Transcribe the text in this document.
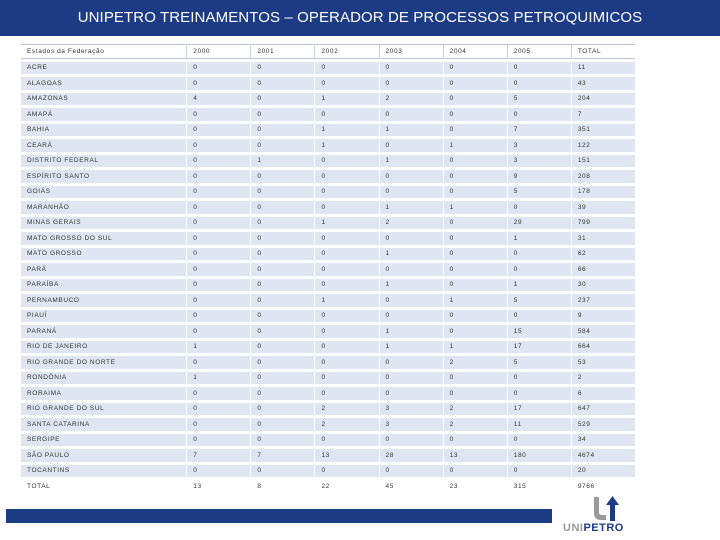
UNIPETRO TREINAMENTOS – OPERADOR DE PROCESSOS PETROQUIMICOS
Estados da Federação	2000	2001	2002	2003	2004	2005	TOTAL
ACRE	0	0	0	0	0	0	11
ALAGOAS	0	0	0	0	0	0	43
AMAZONAS	4	0	1	2	0	5	204
AMAPÁ	0	0	0	0	0	0	7
BAHIA	0	0	1	1	0	7	351
CEARÁ	0	0	1	0	1	3	122
DISTRITO FEDERAL	0	1	0	1	0	3	151
ESPÍRITO SANTO	0	0	0	0	0	9	208
GOIÁS	0	0	0	0	0	5	178
MARANHÃO	0	0	0	1	1	0	39
MINAS GERAIS	0	0	1	2	0	29	799
MATO GROSSO DO SUL	0	0	0	0	0	1	31
MATO GROSSO	0	0	0	1	0	0	62
PARÁ	0	0	0	0	0	0	66
PARAÍBA	0	0	0	1	0	1	30
PERNAMBUCO	0	0	1	0	1	5	237
PIAUÍ	0	0	0	0	0	0	9
PARANÁ	0	0	0	1	0	15	584
RIO DE JANEIRO	1	0	0	1	1	17	664
RIO GRANDE DO NORTE	0	0	0	0	2	5	53
RONDÔNIA	1	0	0	0	0	0	2
RORAIMA	0	0	0	0	0	0	6
RIO GRANDE DO SUL	0	0	2	3	2	17	647
SANTA CATARINA	0	0	2	3	2	11	529
SERGIPE	0	0	0	0	0	0	34
SÃO PAULO	7	7	13	28	13	180	4674
TOCANTINS	0	0	0	0	0	0	20
TOTAL	13	8	22	45	23	315	9766
UNIPETRO
